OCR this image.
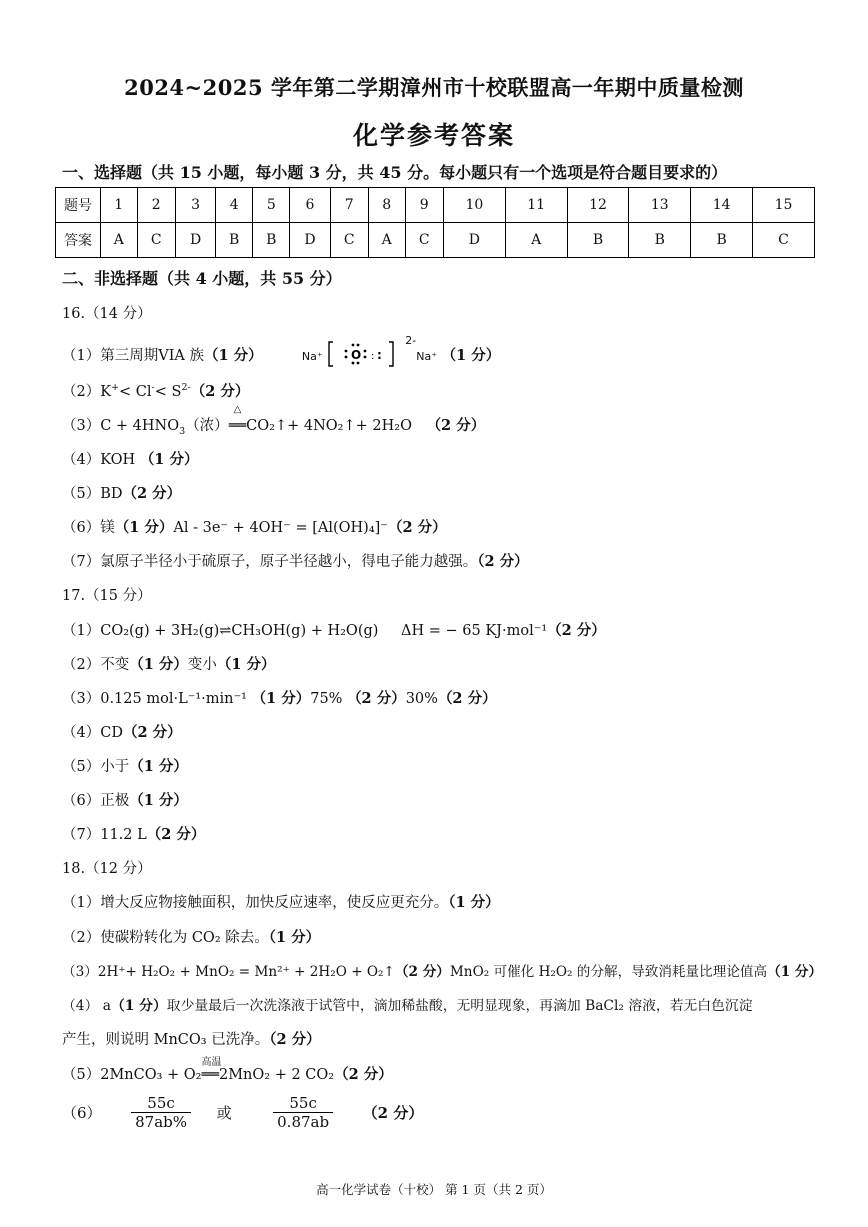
2024~2025 学年第二学期漳州市十校联盟高一年期中质量检测
化学参考答案
一、选择题（共 15 小题，每小题 3 分，共 45 分。每小题只有一个选项是符合题目要求的）
题号	1	2	3	4	5	6	7	8	9	10	11	12	13	14	15
答案	A	C	D	B	B	D	C	A	C	D	A	B	B	B	C
二、非选择题（共 4 小题，共 55 分）
16.（14 分）
（1）第三周期VIA 族（1 分）	Na⁺ O : :
$^{2-}$Na⁺ （1 分）
$(2)K^+< Cl^-< S^{2-}(2$ 分）
$(3)C + 4HNO_3$（浓）
△
══CO₂↑+ 4NO₂↑+ 2H₂O （2 分）
（4）KOH （1 分）
（5）BD（2 分）
（6）镁（1 分）Al - 3e⁻ + 4OH⁻ = [Al(OH)₄]⁻（2 分）
（7）氯原子半径小于硫原子，原子半径越小，得电子能力越强。（2 分）
17.（15 分）
（1）CO₂(g) + 3H₂(g)⇌CH₃OH(g) + H₂O(g) ΔH = − 65 KJ·mol⁻¹（2 分）
（2）不变（1 分）变小（1 分）
（3）0.125 mol·L⁻¹·min⁻¹ （1 分）75% （2 分）30%（2 分）
（4）CD（2 分）
（5）小于（1 分）
（6）正极（1 分）
（7）11.2 L（2 分）
18.（12 分）
（1）增大反应物接触面积，加快反应速率，使反应更充分。（1 分）
（2）使碳粉转化为 CO₂ 除去。（1 分）
（3）2H⁺+ H₂O₂ + MnO₂ = Mn²⁺ + 2H₂O + O₂↑（2 分）MnO₂ 可催化 H₂O₂ 的分解，导致消耗量比理论值高（1 分）
（4） a（1 分）取少量最后一次洗涤液于试管中，滴加稀盐酸，无明显现象，再滴加 BaCl₂ 溶液，若无白色沉淀
产生，则说明 MnCO₃ 已洗净。（2 分）
（5）2MnCO₃ + O₂
高温
══2MnO₂ + 2 CO₂（2 分）
$(6) \frac{55c}{87ab\%}$ 或	$\frac{55c}{0.87ab} (2$ 分）
高一化学试卷（十校） 第 1 页（共 2 页）
